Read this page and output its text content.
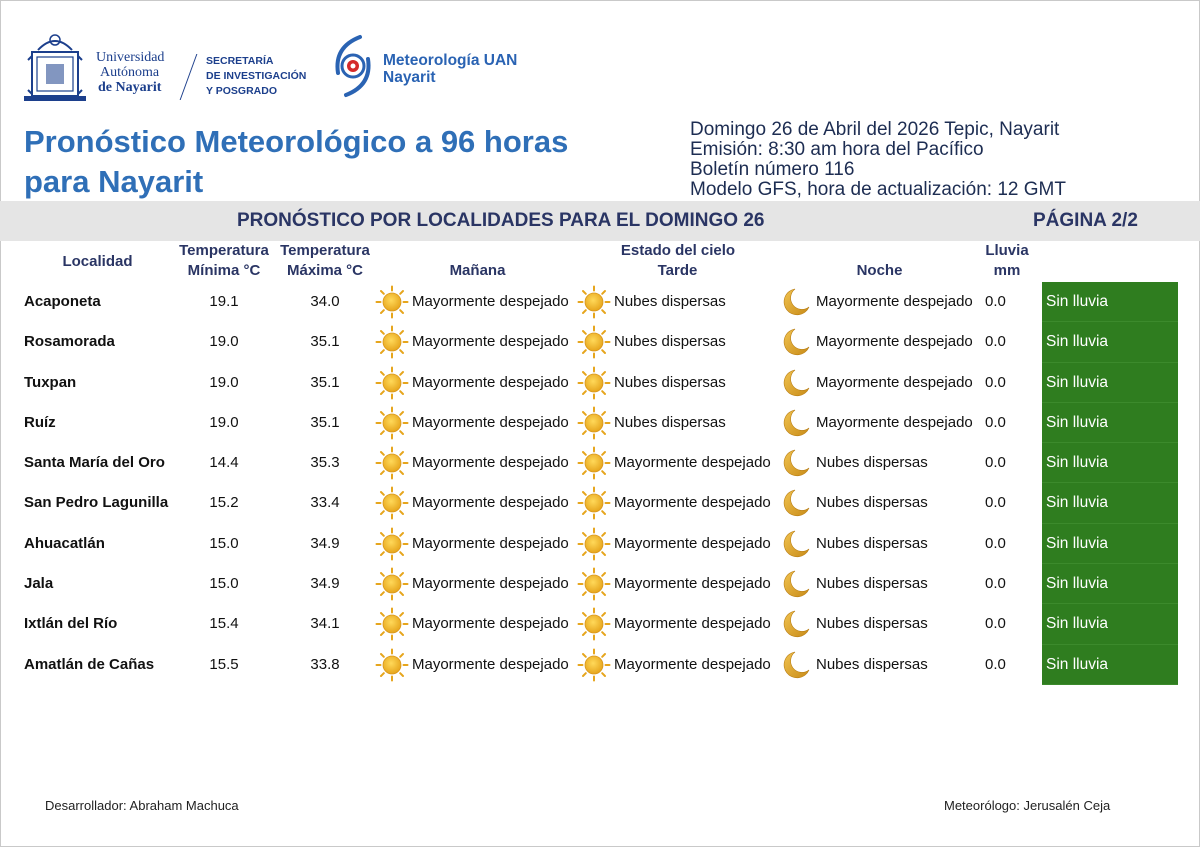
Universidad
Autónoma
de Nayarit
SECRETARÍA
DE INVESTIGACIÓN
Y POSGRADO
Meteorología UAN
Nayarit
Pronóstico Meteorológico a 96 horas
para Nayarit
Domingo 26 de Abril del 2026 Tepic, Nayarit
Emisión: 8:30 am hora del Pacífico
Boletín número 116
Modelo GFS, hora de actualización: 12 GMT
PRONÓSTICO POR LOCALIDADES PARA EL DOMINGO 26	PÁGINA 2/2
Localidad
Temperatura
Mínima °C
Temperatura
Máxima °C
Estado del cielo
Mañana	Tarde	Noche
Lluvia
mm
Acaponeta	19.1	34.0	Mayormente despejado	Nubes dispersas	Mayormente despejado 0.0	Sin lluvia
Rosamorada	19.0	35.1	Mayormente despejado	Nubes dispersas	Mayormente despejado 0.0	Sin lluvia
Tuxpan	19.0	35.1	Mayormente despejado	Nubes dispersas	Mayormente despejado 0.0	Sin lluvia
Ruíz	19.0	35.1	Mayormente despejado	Nubes dispersas	Mayormente despejado 0.0	Sin lluvia
Santa María del Oro	14.4	35.3	Mayormente despejado	Mayormente despejado	Nubes dispersas	0.0	Sin lluvia
San Pedro Lagunilla	15.2	33.4	Mayormente despejado	Mayormente despejado	Nubes dispersas	0.0	Sin lluvia
Ahuacatlán	15.0	34.9	Mayormente despejado	Mayormente despejado	Nubes dispersas	0.0	Sin lluvia
Jala	15.0	34.9	Mayormente despejado	Mayormente despejado	Nubes dispersas	0.0	Sin lluvia
Ixtlán del Río	15.4	34.1	Mayormente despejado	Mayormente despejado	Nubes dispersas	0.0	Sin lluvia
Amatlán de Cañas	15.5	33.8	Mayormente despejado	Mayormente despejado	Nubes dispersas	0.0	Sin lluvia
Desarrollador: Abraham Machuca	Meteorólogo: Jerusalén Ceja
